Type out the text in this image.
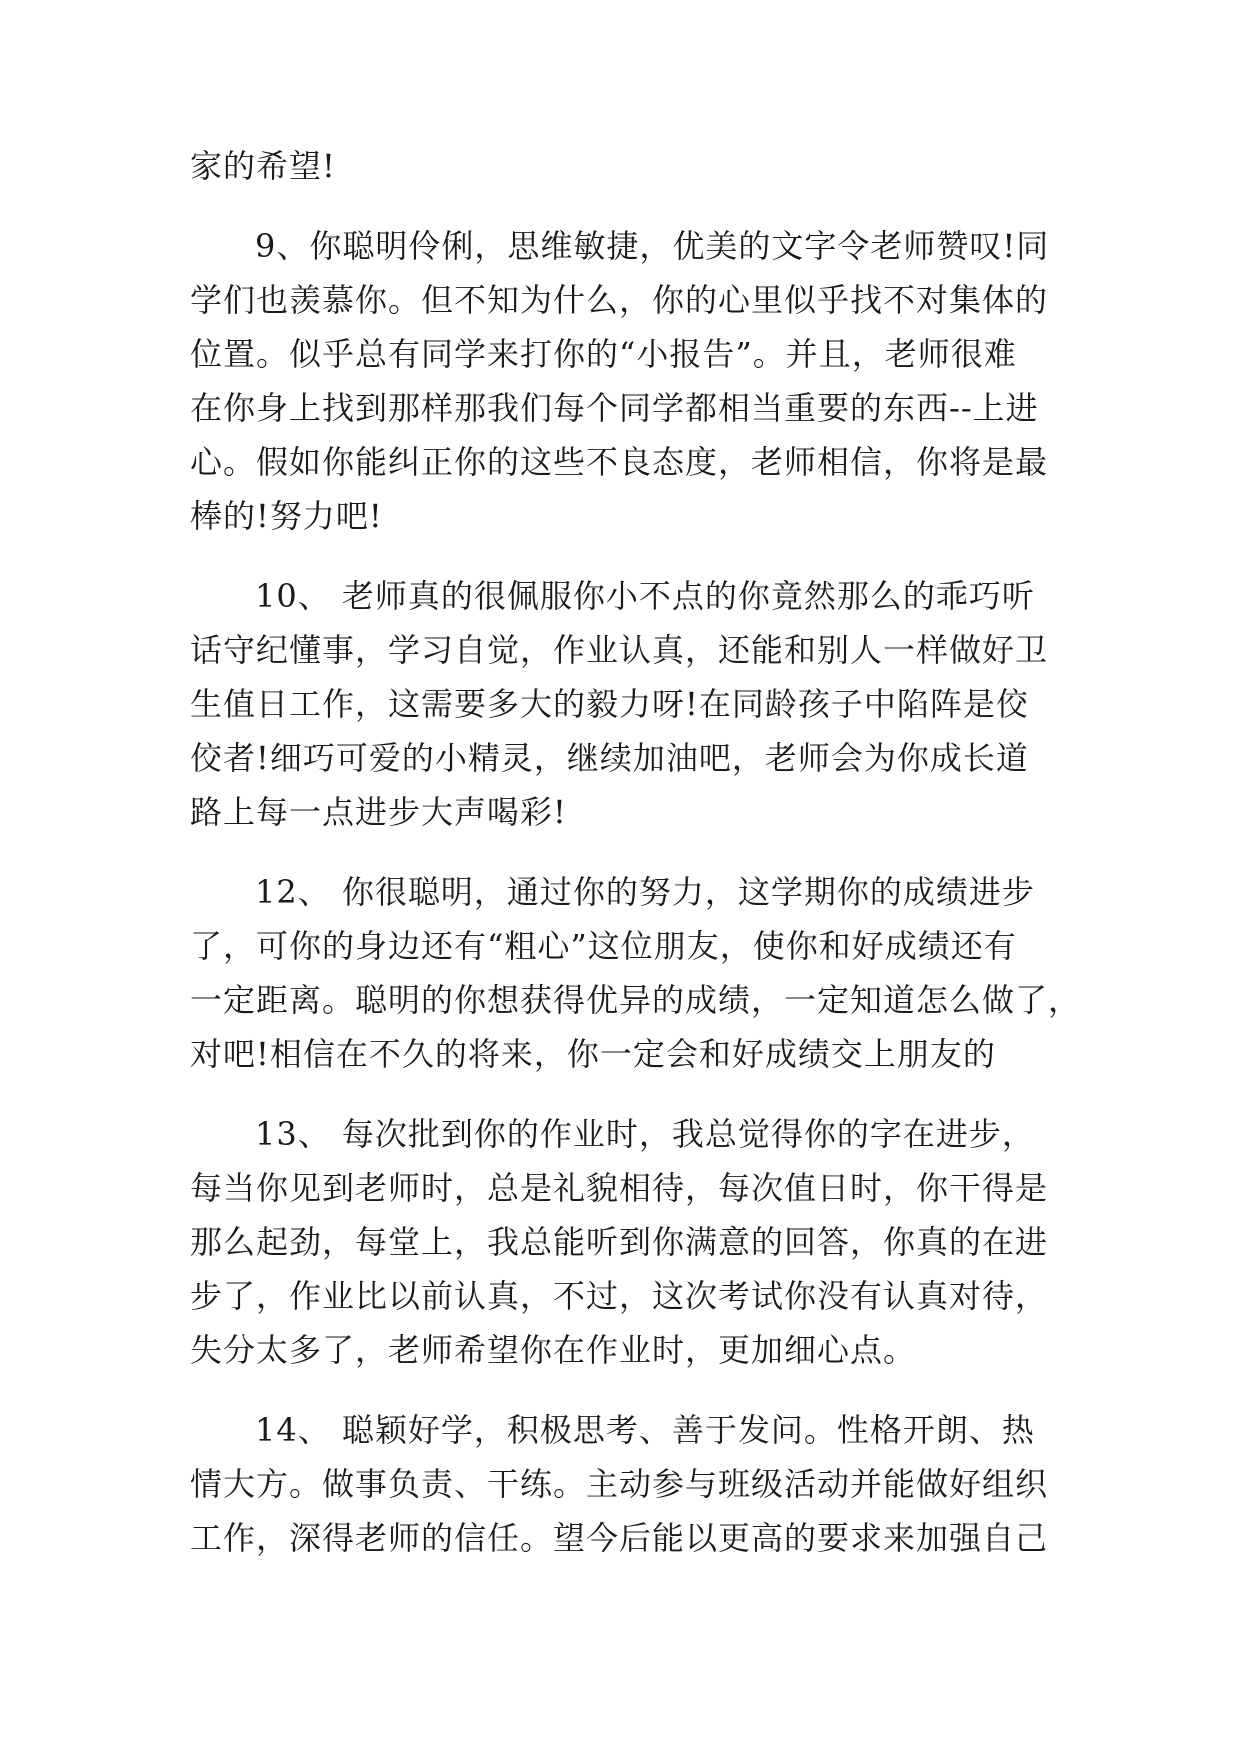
家的希望!
9、你聪明伶俐，思维敏捷，优美的文字令老师赞叹!同
学们也羡慕你。但不知为什么，你的心里似乎找不对集体的
位置。似乎总有同学来打你的“小报告”。并且，老师很难
在你身上找到那样那我们每个同学都相当重要的东西--上进
心。假如你能纠正你的这些不良态度，老师相信，你将是最
棒的!努力吧!
10、 老师真的很佩服你小不点的你竟然那么的乖巧听
话守纪懂事，学习自觉，作业认真，还能和别人一样做好卫
生值日工作，这需要多大的毅力呀!在同龄孩子中陷阵是佼
佼者!细巧可爱的小精灵，继续加油吧，老师会为你成长道
路上每一点进步大声喝彩!
12、 你很聪明，通过你的努力，这学期你的成绩进步
了，可你的身边还有“粗心”这位朋友，使你和好成绩还有
一定距离。聪明的你想获得优异的成绩，一定知道怎么做了，
对吧!相信在不久的将来，你一定会和好成绩交上朋友的
13、 每次批到你的作业时，我总觉得你的字在进步，
每当你见到老师时，总是礼貌相待，每次值日时，你干得是
那么起劲，每堂上，我总能听到你满意的回答，你真的在进
步了，作业比以前认真，不过，这次考试你没有认真对待，
失分太多了，老师希望你在作业时，更加细心点。
14、 聪颖好学，积极思考、善于发问。性格开朗、热
情大方。做事负责、干练。主动参与班级活动并能做好组织
工作，深得老师的信任。望今后能以更高的要求来加强自己
